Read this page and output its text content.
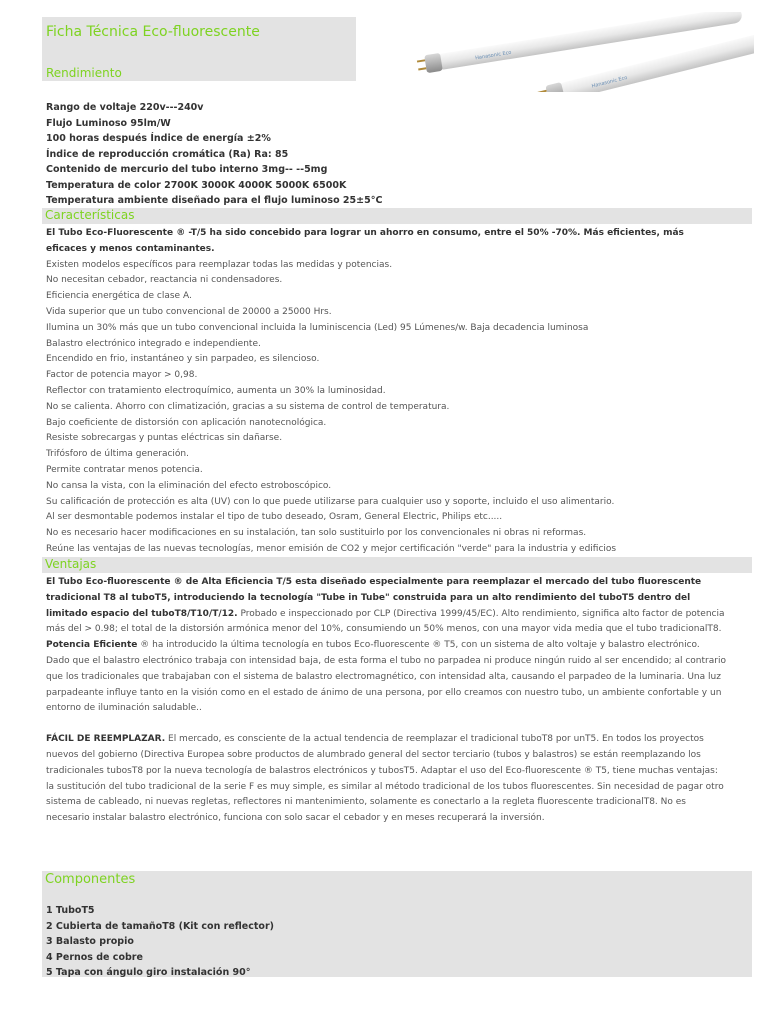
Ficha Técnica Eco-fluorescente
Rendimiento
Hanasonic Eco
Hanasonic Eco
Rango de voltaje 220v---240v
Flujo Luminoso 95lm/W
100 horas después Índice de energía ±2%
Índice de reproducción cromática (Ra) Ra: 85
Contenido de mercurio del tubo interno 3mg-- --5mg
Temperatura de color 2700K 3000K 4000K 5000K 6500K
Temperatura ambiente diseñado para el flujo luminoso 25±5°C
Características

El Tubo Eco-Fluorescente ® -T/5 ha sido concebido para lograr un ahorro en consumo, entre el 50% -70%. Más eficientes, más eficaces y menos contaminantes.

Existen modelos específicos para reemplazar todas las medidas y potencias.

No necesitan cebador, reactancia ni condensadores.

Eficiencia energética de clase A.

Vida superior que un tubo convencional de 20000 a 25000 Hrs.

Ilumina un 30% más que un tubo convencional incluida la luminiscencia (Led) 95 Lúmenes/w. Baja decadencia luminosa

Balastro electrónico integrado e independiente.

Encendido en frio, instantáneo y sin parpadeo, es silencioso.

Factor de potencia mayor > 0,98.

Reflector con tratamiento electroquímico, aumenta un 30% la luminosidad.

No se calienta. Ahorro con climatización, gracias a su sistema de control de temperatura.

Bajo coeficiente de distorsión con aplicación nanotecnológica.

Resiste sobrecargas y puntas eléctricas sin dañarse.

Trifósforo de última generación.

Permite contratar menos potencia.

No cansa la vista, con la eliminación del efecto estroboscópico.

Su calificación de protección es alta (UV) con lo que puede utilizarse para cualquier uso y soporte, incluido el uso alimentario.

Al ser desmontable podemos instalar el tipo de tubo deseado, Osram, General Electric, Philips etc.....

No es necesario hacer modificaciones en su instalación, tan solo sustituirlo por los convencionales ni obras ni reformas.

Reúne las ventajas de las nuevas tecnologías, menor emisión de CO2 y mejor certificación "verde" para la industria y edificios

Ventajas

El Tubo Eco-fluorescente ® de Alta Eficiencia T/5 esta diseñado especialmente para reemplazar el mercado del tubo fluorescente tradicional T8 al tuboT5, introduciendo la tecnología "Tube in Tube" construida para un alto rendimiento del tuboT5 dentro del limitado espacio del tuboT8/T10/T/12. Probado e inspeccionado por CLP (Directiva 1999/45/EC). Alto rendimiento, significa alto factor de potencia más del > 0.98; el total de la distorsión armónica menor del 10%, consumiendo un 50% menos, con una mayor vida media que el tubo tradicionalT8.

Potencia Eficiente ® ha introducido la última tecnología en tubos Eco-fluorescente ® T5, con un sistema de alto voltaje y balastro electrónico.

Dado que el balastro electrónico trabaja con intensidad baja, de esta forma el tubo no parpadea ni produce ningún ruido al ser encendido; al contrario que los tradicionales que trabajaban con el sistema de balastro electromagnético, con intensidad alta, causando el parpadeo de la luminaria. Una luz parpadeante influye tanto en la visión como en el estado de ánimo de una persona, por ello creamos con nuestro tubo, un ambiente confortable y un entorno de iluminación saludable..

FÁCIL DE REEMPLAZAR. El mercado, es consciente de la actual tendencia de reemplazar el tradicional tuboT8 por unT5. En todos los proyectos nuevos del gobierno (Directiva Europea sobre productos de alumbrado general del sector terciario (tubos y balastros) se están reemplazando los tradicionales tubosT8 por la nueva tecnología de balastros electrónicos y tubosT5. Adaptar el uso del Eco-fluorescente ® T5, tiene muchas ventajas: la sustitución del tubo tradicional de la serie F es muy simple, es similar al método tradicional de los tubos fluorescentes. Sin necesidad de pagar otro sistema de cableado, ni nuevas regletas, reflectores ni mantenimiento, solamente es conectarlo a la regleta fluorescente tradicionalT8. No es necesario instalar balastro electrónico, funciona con solo sacar el cebador y en meses recuperará la inversión.

Componentes
1 TuboT5
2 Cubierta de tamañoT8 (Kit con reflector)
3 Balasto propio
4 Pernos de cobre
5 Tapa con ángulo giro instalación 90°
